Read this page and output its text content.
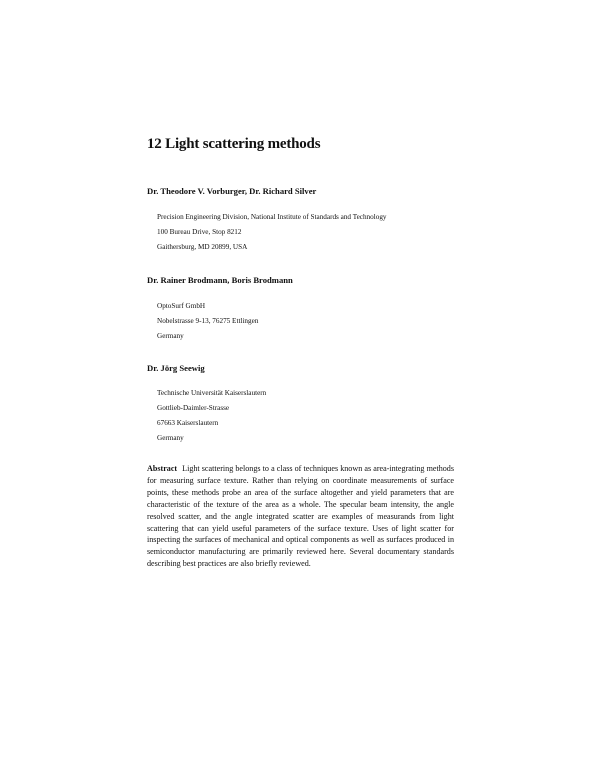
12 Light scattering methods

Dr. Theodore V. Vorburger, Dr. Richard Silver

Precision Engineering Division, National Institute of Standards and Technology
100 Bureau Drive, Stop 8212
Gaithersburg, MD 20899, USA

Dr. Rainer Brodmann, Boris Brodmann

OptoSurf GmbH
Nobelstrasse 9-13, 76275 Ettlingen
Germany

Dr. Jörg Seewig

Technische Universität Kaiserslautern
Gottlieb-Daimler-Strasse
67663 Kaiserslautern
Germany

Abstract Light scattering belongs to a class of techniques known as area-integrating methods for measuring surface texture. Rather than relying on coordinate measurements of surface points, these methods probe an area of the surface altogether and yield parameters that are characteristic of the texture of the area as a whole. The specular beam intensity, the angle resolved scatter, and the angle integrated scatter are examples of measurands from light scattering that can yield useful parameters of the surface texture. Uses of light scatter for inspecting the surfaces of mechanical and optical components as well as surfaces produced in semiconductor manufacturing are primarily reviewed here. Several documentary standards describing best practices are also briefly reviewed.
